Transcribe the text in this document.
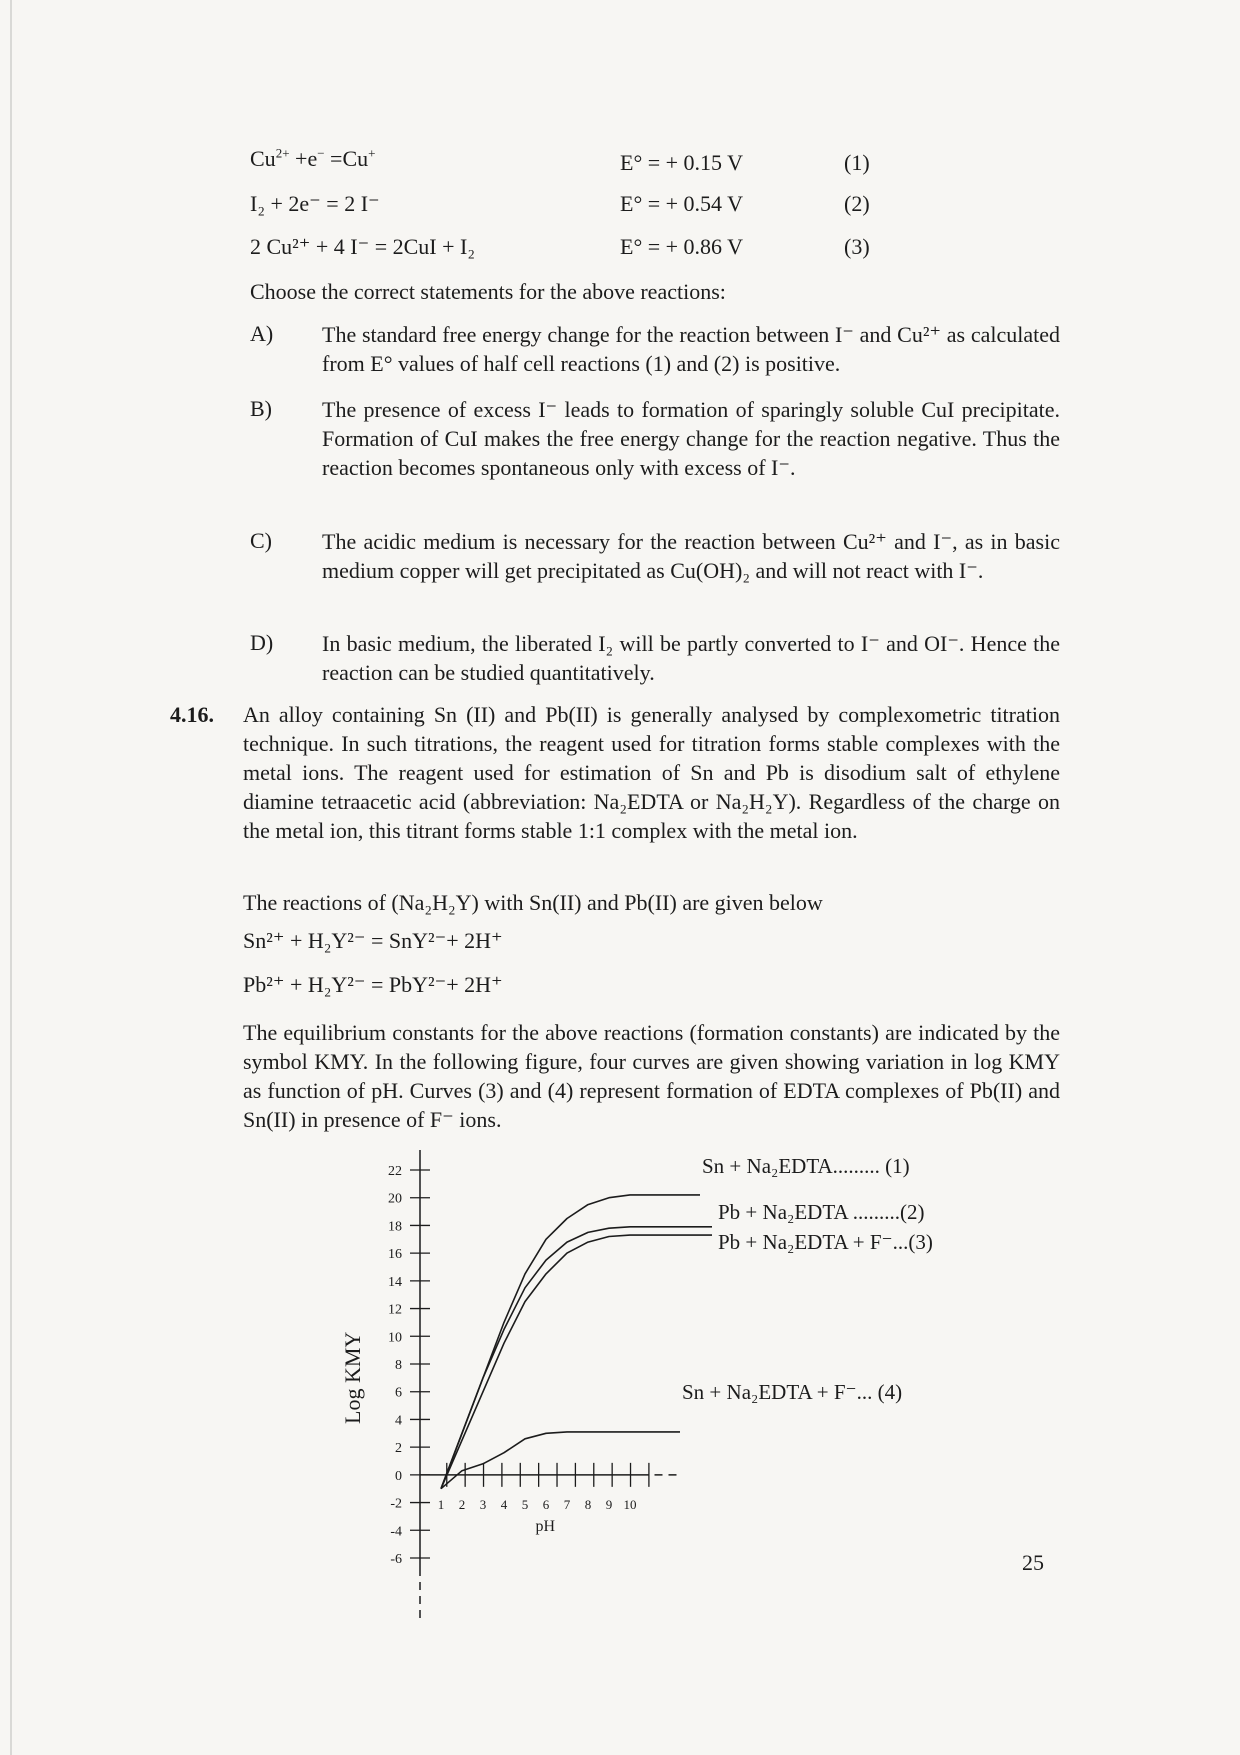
$Cu^{2+} +e^- =Cu^+$	E° = + 0.15 V	(1)
I₂ + 2e⁻ = 2 I⁻	E° = + 0.54 V	(2)
2 Cu²⁺ + 4 I⁻ = 2CuI + I₂	E° = + 0.86 V	(3)
Choose the correct statements for the above reactions:
A) The standard free energy change for the reaction between I⁻ and Cu²⁺ as calculated from E° values of half cell reactions (1) and (2) is positive.
B) The presence of excess I⁻ leads to formation of sparingly soluble CuI precipitate. Formation of CuI makes the free energy change for the reaction negative. Thus the reaction becomes spontaneous only with excess of I⁻.
C) The acidic medium is necessary for the reaction between Cu²⁺ and I⁻, as in basic medium copper will get precipitated as Cu(OH)₂ and will not react with I⁻.
D) In basic medium, the liberated I₂ will be partly converted to I⁻ and OI⁻. Hence the reaction can be studied quantitatively.
4.16. An alloy containing Sn (II) and Pb(II) is generally analysed by complexometric titration technique. In such titrations, the reagent used for titration forms stable complexes with the metal ions. The reagent used for estimation of Sn and Pb is disodium salt of ethylene diamine tetraacetic acid (abbreviation: Na₂EDTA or Na₂H₂Y). Regardless of the charge on the metal ion, this titrant forms stable 1:1 complex with the metal ion.
The reactions of (Na₂H₂Y) with Sn(II) and Pb(II) are given below
Sn²⁺ + H₂Y²⁻ = SnY²⁻+ 2H⁺
Pb²⁺ + H₂Y²⁻ = PbY²⁻+ 2H⁺
The equilibrium constants for the above reactions (formation constants) are indicated by the symbol KMY. In the following figure, four curves are given showing variation in log KMY as function of pH. Curves (3) and (4) represent formation of EDTA complexes of Pb(II) and Sn(II) in presence of F⁻ ions.
22
20
18
16
14
12
10
8
6
4
2
0
-2
-4
-6
1 2 3 4 5 6 7 8 9 10
pH
Log KMY
Sn + Na₂EDTA......... (1)
Pb + Na₂EDTA .........(2)
Pb + Na₂EDTA + F⁻...(3)
Sn + Na₂EDTA + F⁻... (4)
25
